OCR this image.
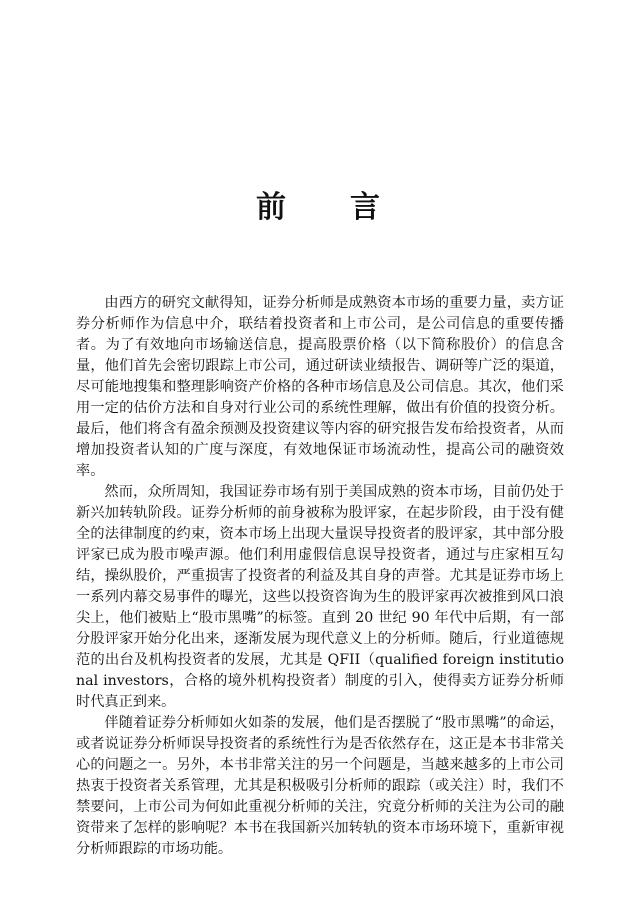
前 言

由西方的研究文献得知，证券分析师是成熟资本市场的重要力量，卖方证券分析师作为信息中介，联结着投资者和上市公司，是公司信息的重要传播者。为了有效地向市场输送信息，提高股票价格（以下简称股价）的信息含量，他们首先会密切跟踪上市公司，通过研读业绩报告、调研等广泛的渠道，尽可能地搜集和整理影响资产价格的各种市场信息及公司信息。其次，他们采用一定的估价方法和自身对行业公司的系统性理解，做出有价值的投资分析。最后，他们将含有盈余预测及投资建议等内容的研究报告发布给投资者，从而增加投资者认知的广度与深度，有效地保证市场流动性，提高公司的融资效率。

然而，众所周知，我国证券市场有别于美国成熟的资本市场，目前仍处于新兴加转轨阶段。证券分析师的前身被称为股评家，在起步阶段，由于没有健全的法律制度的约束，资本市场上出现大量误导投资者的股评家，其中部分股评家已成为股市噪声源。他们利用虚假信息误导投资者，通过与庄家相互勾结，操纵股价，严重损害了投资者的利益及其自身的声誉。尤其是证券市场上一系列内幕交易事件的曝光，这些以投资咨询为生的股评家再次被推到风口浪尖上，他们被贴上“股市黑嘴”的标签。直到 20 世纪 90 年代中后期，有一部分股评家开始分化出来，逐渐发展为现代意义上的分析师。随后，行业道德规范的出台及机构投资者的发展，尤其是 QFII（qualified foreign institutional investors，合格的境外机构投资者）制度的引入，使得卖方证券分析师时代真正到来。

伴随着证券分析师如火如荼的发展，他们是否摆脱了“股市黑嘴”的命运，或者说证券分析师误导投资者的系统性行为是否依然存在，这正是本书非常关心的问题之一。另外，本书非常关注的另一个问题是，当越来越多的上市公司热衷于投资者关系管理，尤其是积极吸引分析师的跟踪（或关注）时，我们不禁要问，上市公司为何如此重视分析师的关注，究竟分析师的关注为公司的融资带来了怎样的影响呢？本书在我国新兴加转轨的资本市场环境下，重新审视分析师跟踪的市场功能。
